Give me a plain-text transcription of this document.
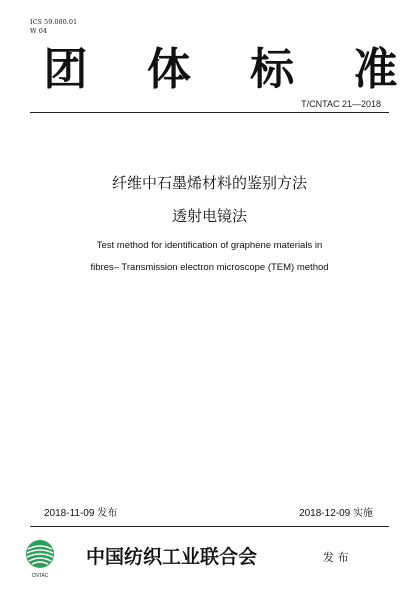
ICS 59.080.01
W 04
团 体 标 准
T/CNTAC 21—2018
纤维中石墨烯材料的鉴别方法
透射电镜法
Test method for identification of graphene materials in
fibres– Transmission electron microscope (TEM) method
2018-11-09 发布	2018-12-09 实施
CNTAC
中国纺织工业联合会	发 布
